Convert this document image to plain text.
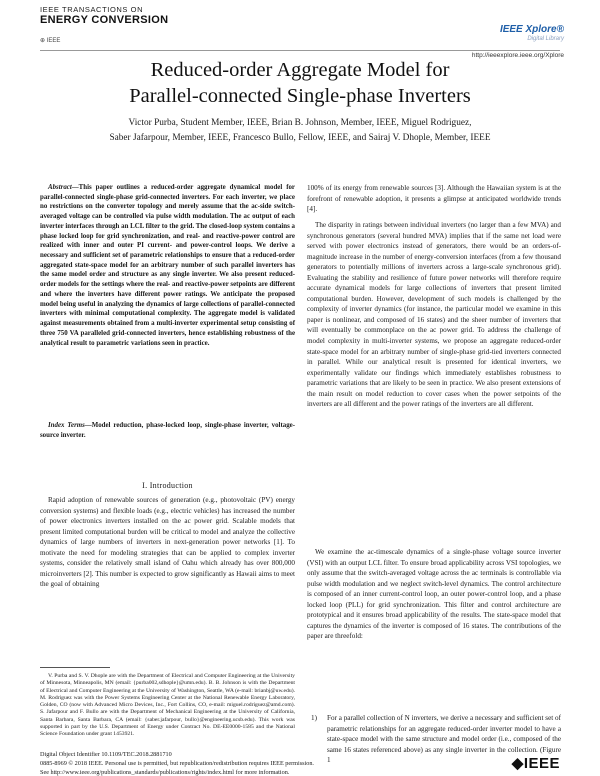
IEEE TRANSACTIONS ON
ENERGY CONVERSION
⊕ IEEE
IEEE Xplore®
Digital Library
http://ieeexplore.ieee.org/Xplore
Reduced-order Aggregate Model for
Parallel-connected Single-phase Inverters
Victor Purba, Student Member, IEEE, Brian B. Johnson, Member, IEEE, Miguel Rodriguez,
Saber Jafarpour, Member, IEEE, Francesco Bullo, Fellow, IEEE, and Sairaj V. Dhople, Member, IEEE
Abstract—This paper outlines a reduced-order aggregate dynamical model for parallel-connected single-phase grid-connected inverters. For each inverter, we place no restrictions on the converter topology and merely assume that the ac-side switch-averaged voltage can be controlled via pulse width modulation. The ac output of each inverter interfaces through an LCL filter to the grid. The closed-loop system contains a phase locked loop for grid synchronization, and real- and reactive-power control are realized with inner and outer PI current- and power-control loops. We derive a necessary and sufficient set of parametric relationships to ensure that a reduced-order aggregated state-space model for an arbitrary number of such parallel inverters has the same model order and structure as any single inverter. We also present reduced-order models for the settings where the real- and reactive-power setpoints are different and where the inverters have different power ratings. We anticipate the proposed model being useful in analyzing the dynamics of large collections of parallel-connected inverters with minimal computational complexity. The aggregate model is validated against measurements obtained from a multi-inverter experimental setup consisting of three 750 VA paralleled grid-connected inverters, hence establishing robustness of the analytical result to parametric variations seen in practice.
Index Terms—Model reduction, phase-locked loop, single-phase inverter, voltage-source inverter.
I. Introduction
Rapid adoption of renewable sources of generation (e.g., photovoltaic (PV) energy conversion systems) and flexible loads (e.g., electric vehicles) has increased the number of power electronics inverters installed on the ac power grid. Scalable models that present limited computational burden will be critical to model and analyze the collective dynamics of large numbers of inverters in next-generation power networks [1]. To motivate the need for modeling strategies that can be applied to complex inverter systems, consider the relatively small island of Oahu which already has over 800,000 microinverters [2]. This number is expected to grow significantly as Hawaii aims to meet the goal of obtaining
V. Purba and S. V. Dhople are with the Department of Electrical and Computer Engineering at the University of Minnesota, Minneapolis, MN (email: {purba002,sdhople}@umn.edu). B. B. Johnson is with the Department of Electrical and Computer Engineering at the University of Washington, Seattle, WA (e-mail: brianbj@uw.edu). M. Rodriguez was with the Power Systems Engineering Center at the National Renewable Energy Laboratory, Golden, CO (now with Advanced Micro Devices, Inc., Fort Collins, CO, e-mail: miguel.rodriguez@amd.com). S. Jafarpour and F. Bullo are with the Department of Mechanical Engineering at the University of California, Santa Barbara, Santa Barbara, CA (email: {saber.jafarpour, bullo}@engineering.ucsb.edu). This work was supported in part by the U.S. Department of Energy under Contract No. DE-EE0000-1585 and the National Science Foundation under grant 1453921.
100% of its energy from renewable sources [3]. Although the Hawaiian system is at the forefront of renewable adoption, it presents a glimpse at anticipated worldwide trends [4].
The disparity in ratings between individual inverters (no larger than a few MVA) and synchronous generators (several hundred MVA) implies that if the same net load were served with power electronics instead of generators, there would be an orders-of-magnitude increase in the number of energy-conversion interfaces (from a few thousand generators to potentially millions of inverters across a large-scale synchronous grid). Evaluating the stability and resilience of future power networks will therefore require accurate dynamical models for large collections of inverters that present limited computational burden. However, development of such models is challenged by the complexity of inverter dynamics (for instance, the particular model we examine in this paper is nonlinear, and composed of 16 states) and the sheer number of inverters that will eventually be commonplace on the ac power grid. To address the challenge of model complexity in multi-inverter systems, we propose an aggregate reduced-order state-space model for an arbitrary number of single-phase grid-tied inverters connected in parallel. While our analytical result is presented for identical inverters, we experimentally validate our findings which immediately establishes robustness to parametric variations that are likely to be seen in practice. We also present extensions of the main result on model reduction to cover cases when the power setpoints of the inverters are all different and the power ratings of the inverters are all different.
We examine the ac-timescale dynamics of a single-phase voltage source inverter (VSI) with an output LCL filter. To ensure broad applicability across VSI topologies, we only assume that the switch-averaged voltage across the ac terminals is controllable via pulse width modulation and we neglect switch-level dynamics. The control architecture is composed of an inner current-control loop, an outer power-control loop, and a phase locked loop (PLL) for grid synchronization. This filter and control architecture are prototypical and it ensures broad applicability of the results. The state-space model that captures the dynamics of the inverter is composed of 16 states. The contributions of the paper are threefold:
1)	For a parallel collection of N inverters, we derive a necessary and sufficient set of parametric relationships for an aggregate reduced-order inverter model to have a state-space model with the same structure and model order (i.e., composed of the same 16 states referenced above) as any single inverter in the collection. (Figure 1
Digital Object Identifier 10.1109/TEC.2018.2881710
0885-8969 © 2018 IEEE. Personal use is permitted, but republication/redistribution requires IEEE permission.
See http://www.ieee.org/publications_standards/publications/rights/index.html for more information.
◆IEEE
